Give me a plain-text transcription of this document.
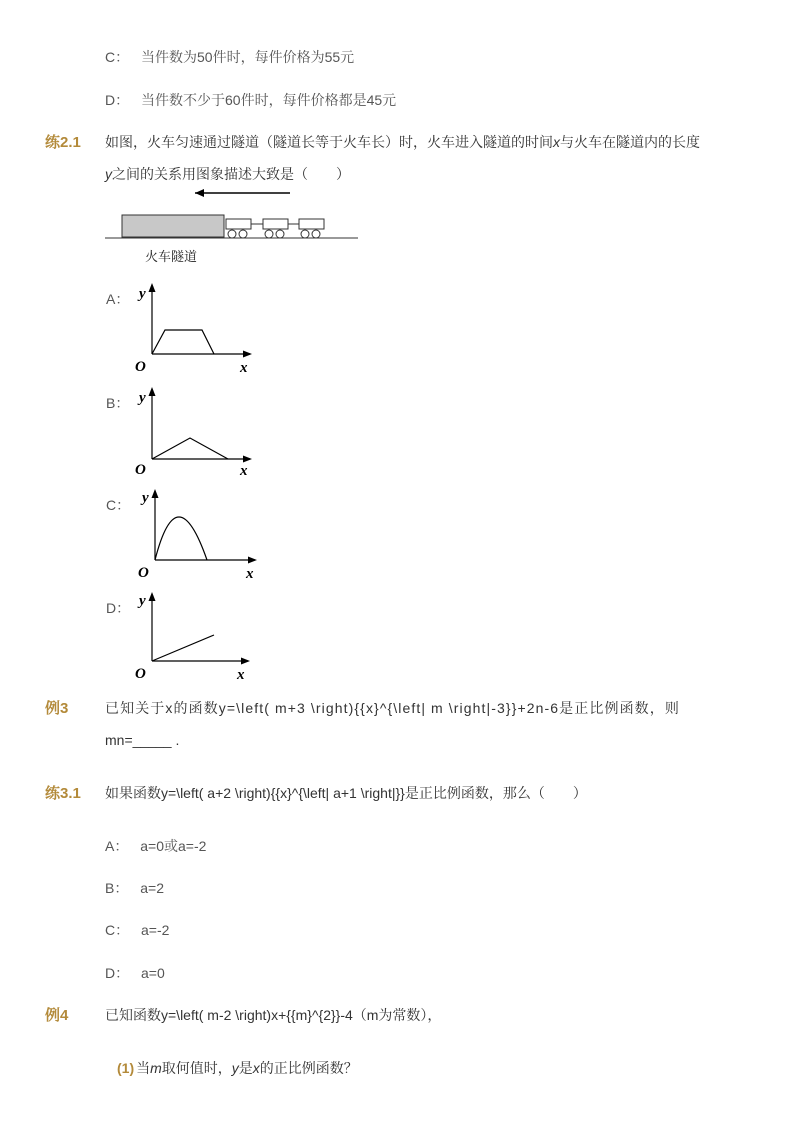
C： 当件数为50件时，每件价格为55元
D： 当件数不少于60件时，每件价格都是45元
练2.1 如图，火车匀速通过隧道（隧道长等于火车长）时，火车进入隧道的时间x与火车在隧道内的长度
y之间的关系用图象描述大致是（　　）
火车隧道
A：
B：
C：
D：
y
x
O
y
x
O
y
x
O
y
x
O
例3	已知关于x的函数y=\left( m+3 \right){{x}^{\left| m \right|-3}}+2n-6是正比例函数，则
mn=_____ .
练3.1 如果函数y=\left( a+2 \right){{x}^{\left| a+1 \right|}}是正比例函数，那么（　　）
A： a=0或a=-2
B： a=2
C： a=-2
D： a=0
例4	已知函数y=\left( m-2 \right)x+{{m}^{2}}-4（m为常数），
(1) 当m取何值时，y是x的正比例函数？
